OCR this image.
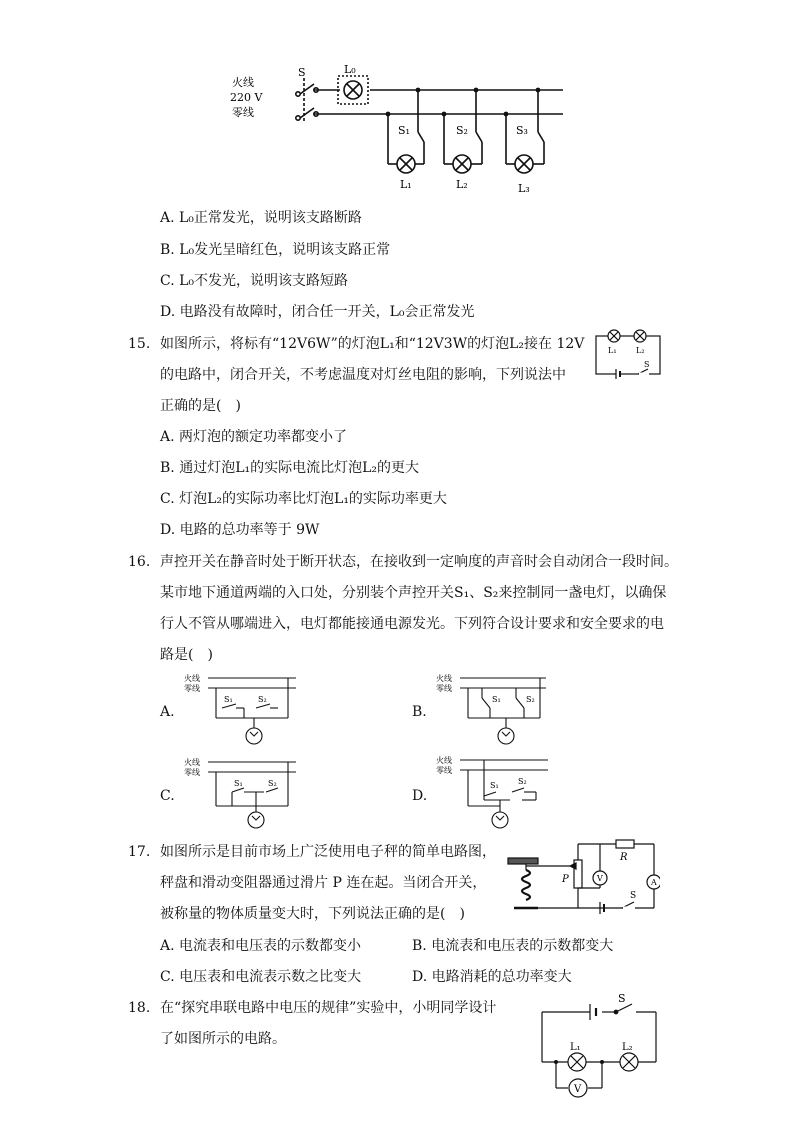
火线
220 V
零线
S	L₀
S₁	S₂	S₃
L₁	L₂	L₃
A. L₀正常发光，说明该支路断路
B. L₀发光呈暗红色，说明该支路正常
C. L₀不发光，说明该支路短路
D. 电路没有故障时，闭合任一开关，L₀会正常发光
15. 如图所示，将标有“12V6W”的灯泡L₁和“12V3W的灯泡L₂接在 12V
的电路中，闭合开关，不考虑温度对灯丝电阻的影响，下列说法中
正确的是(　)
L₁ L₂
S
A. 两灯泡的额定功率都变小了
B. 通过灯泡L₁的实际电流比灯泡L₂的更大
C. 灯泡L₂的实际功率比灯泡L₁的实际功率更大
D. 电路的总功率等于 9W
16. 声控开关在静音时处于断开状态，在接收到一定响度的声音时会自动闭合一段时间。
某市地下通道两端的入口处，分别装个声控开关S₁、S₂来控制同一盏电灯，以确保
行人不管从哪端进入，电灯都能接通电源发光。下列符合设计要求和安全要求的电
路是(　)
A.
火线
零线
S₁	S₂
B.
火线
零线
S₁	S₂
C.
火线
零线
S₁	S₂
D.
火线
零线
S₁ S₂
17. 如图所示是目前市场上广泛使用电子秤的简单电路图，
秤盘和滑动变阻器通过滑片 P 连在起。当闭合开关，
被称量的物体质量变大时，下列说法正确的是(　)
P
R
V	A
S
A. 电流表和电压表的示数都变小	B. 电流表和电压表的示数都变大
C. 电压表和电流表示数之比变大	D. 电路消耗的总功率变大
18. 在“探究串联电路中电压的规律”实验中，小明同学设计
了如图所示的电路。
S
L₁	L₂
V
